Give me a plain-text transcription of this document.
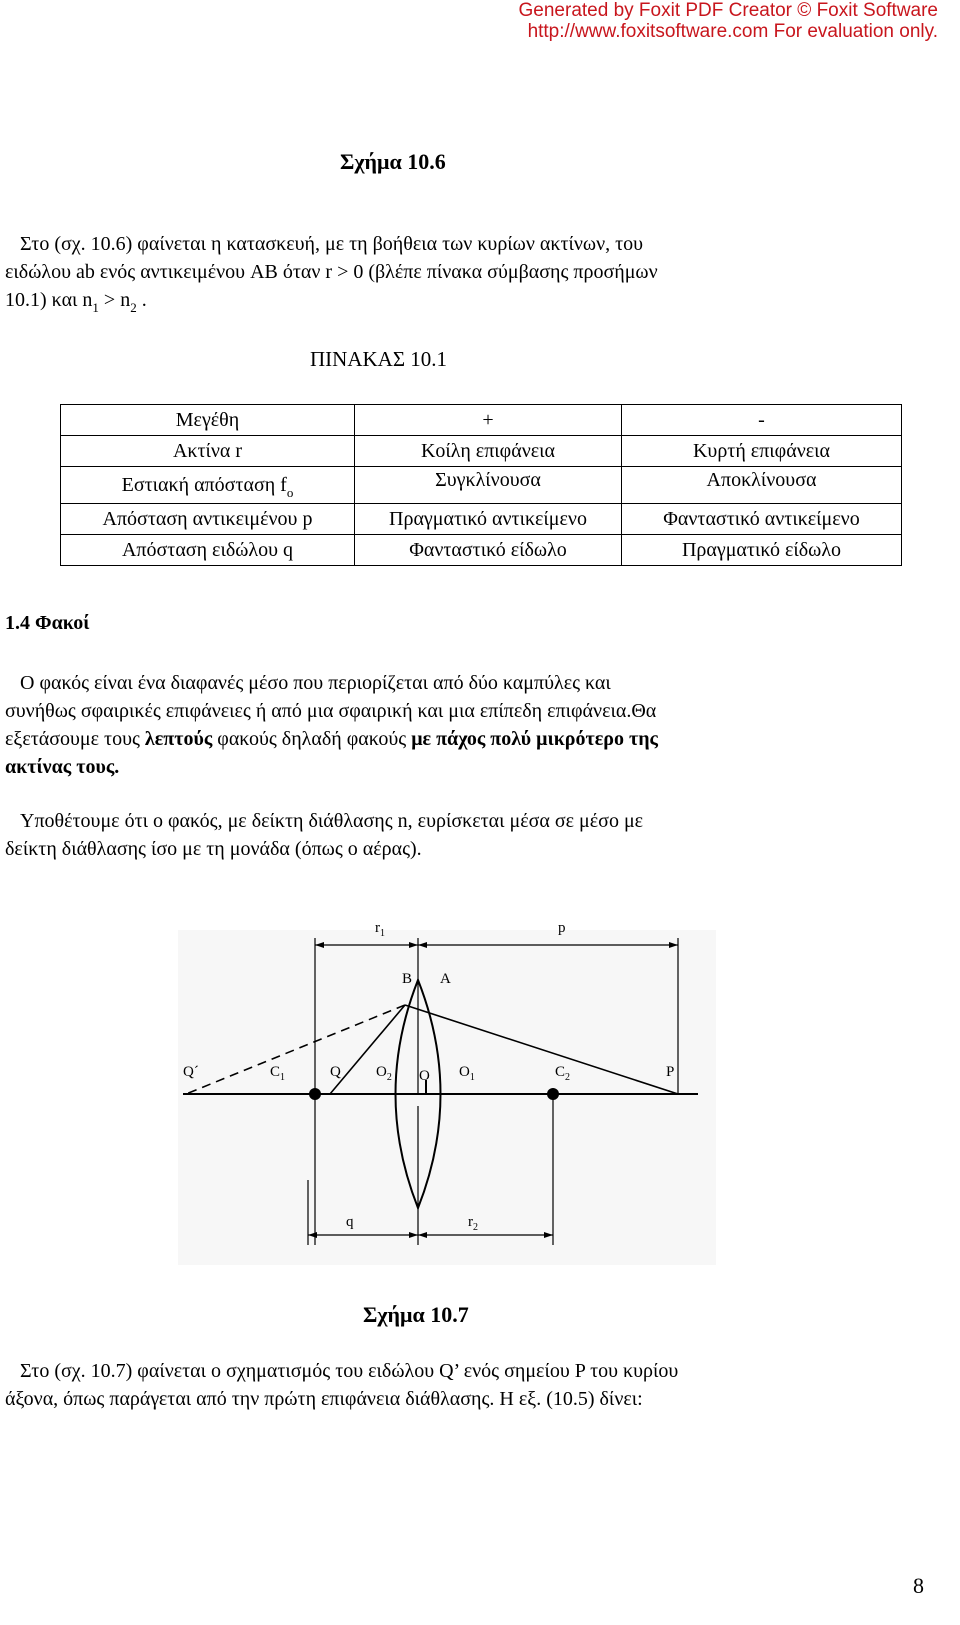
Generated by Foxit PDF Creator © Foxit Software
http://www.foxitsoftware.com For evaluation only.
Σχήμα 10.6

Στο (σχ. 10.6) φαίνεται η κατασκευή, με τη βοήθεια των κυρίων ακτίνων, του

ειδώλου ab ενός αντικειμένου AB όταν r > 0 (βλέπε πίνακα σύμβασης προσήμων

10.1) και $n_1 > n_2$ .

ΠΙΝΑΚΑΣ 10.1
Μεγέθη	+	-
Ακτίνα r	Κοίλη επιφάνεια	Κυρτή επιφάνεια
Εστιακή απόσταση $f_o$	Συγκλίνουσα	Αποκλίνουσα
Απόσταση αντικειμένου p	Πραγματικό αντικείμενο	Φανταστικό αντικείμενο
Απόσταση ειδώλου q	Φανταστικό είδωλο	Πραγματικό είδωλο
1.4 Φακοί

Ο φακός είναι ένα διαφανές μέσο που περιορίζεται από δύο καμπύλες και

συνήθως σφαιρικές επιφάνειες ή από μια σφαιρική και μια επίπεδη επιφάνεια.Θα

εξετάσουμε τους λεπτούς φακούς δηλαδή φακούς με πάχος πολύ μικρότερο της

ακτίνας τους.

Υποθέτουμε ότι ο φακός, με δείκτη διάθλασης n, ευρίσκεται μέσα σε μέσο με

δείκτη διάθλασης ίσο με τη μονάδα (όπως ο αέρας).

$r_1$	p
B A
Q´	$C_1$	Q $O_2$ O $O_1$	$C_2$	P
q	$r_2$
Σχήμα 10.7

Στο (σχ. 10.7) φαίνεται ο σχηματισμός του ειδώλου Q’ ενός σημείου P του κυρίου

άξονα, όπως παράγεται από την πρώτη επιφάνεια διάθλασης. Η εξ. (10.5) δίνει:

8
